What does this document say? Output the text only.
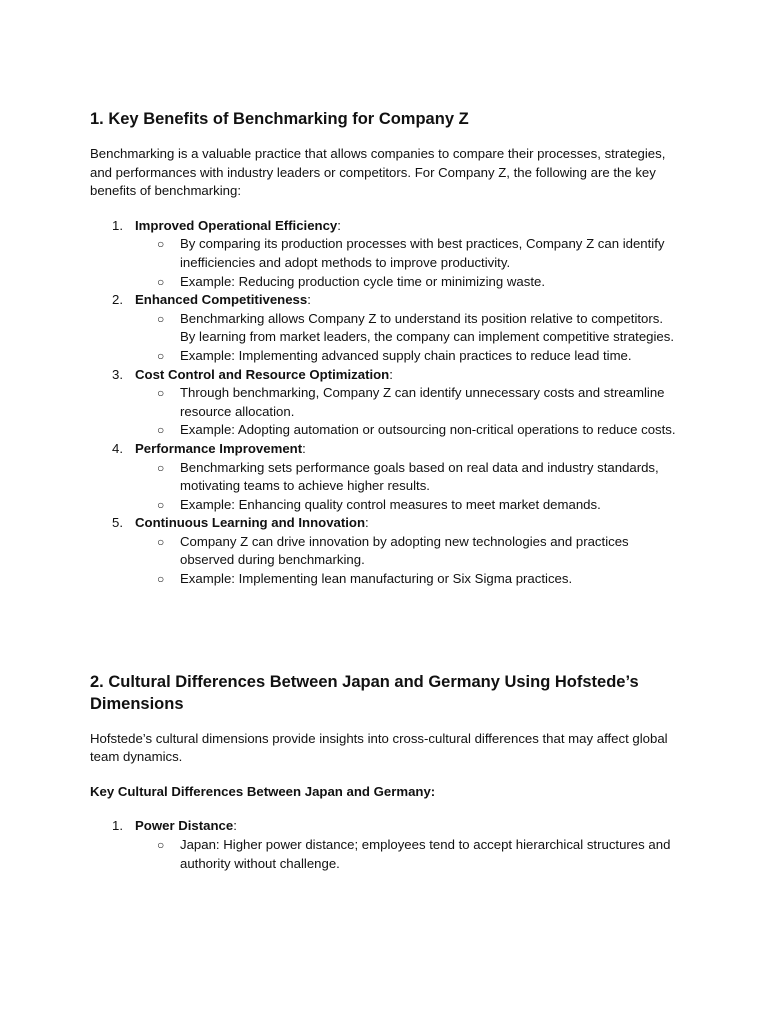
1. Key Benefits of Benchmarking for Company Z

Benchmarking is a valuable practice that allows companies to compare their processes, strategies, and performances with industry leaders or competitors. For Company Z, the following are the key benefits of benchmarking:

1. Improved Operational Efficiency:
○ By comparing its production processes with best practices, Company Z can identify inefficiencies and adopt methods to improve productivity.
○ Example: Reducing production cycle time or minimizing waste.
2. Enhanced Competitiveness:
○ Benchmarking allows Company Z to understand its position relative to competitors. By learning from market leaders, the company can implement competitive strategies.
○ Example: Implementing advanced supply chain practices to reduce lead time.
3. Cost Control and Resource Optimization:
○ Through benchmarking, Company Z can identify unnecessary costs and streamline resource allocation.
○ Example: Adopting automation or outsourcing non-critical operations to reduce costs.
4. Performance Improvement:
○ Benchmarking sets performance goals based on real data and industry standards, motivating teams to achieve higher results.
○ Example: Enhancing quality control measures to meet market demands.
5. Continuous Learning and Innovation:
○ Company Z can drive innovation by adopting new technologies and practices observed during benchmarking.
○ Example: Implementing lean manufacturing or Six Sigma practices.
2. Cultural Differences Between Japan and Germany Using Hofstede’s Dimensions

Hofstede’s cultural dimensions provide insights into cross-cultural differences that may affect global team dynamics.

Key Cultural Differences Between Japan and Germany:

1. Power Distance:
○ Japan: Higher power distance; employees tend to accept hierarchical structures and authority without challenge.
